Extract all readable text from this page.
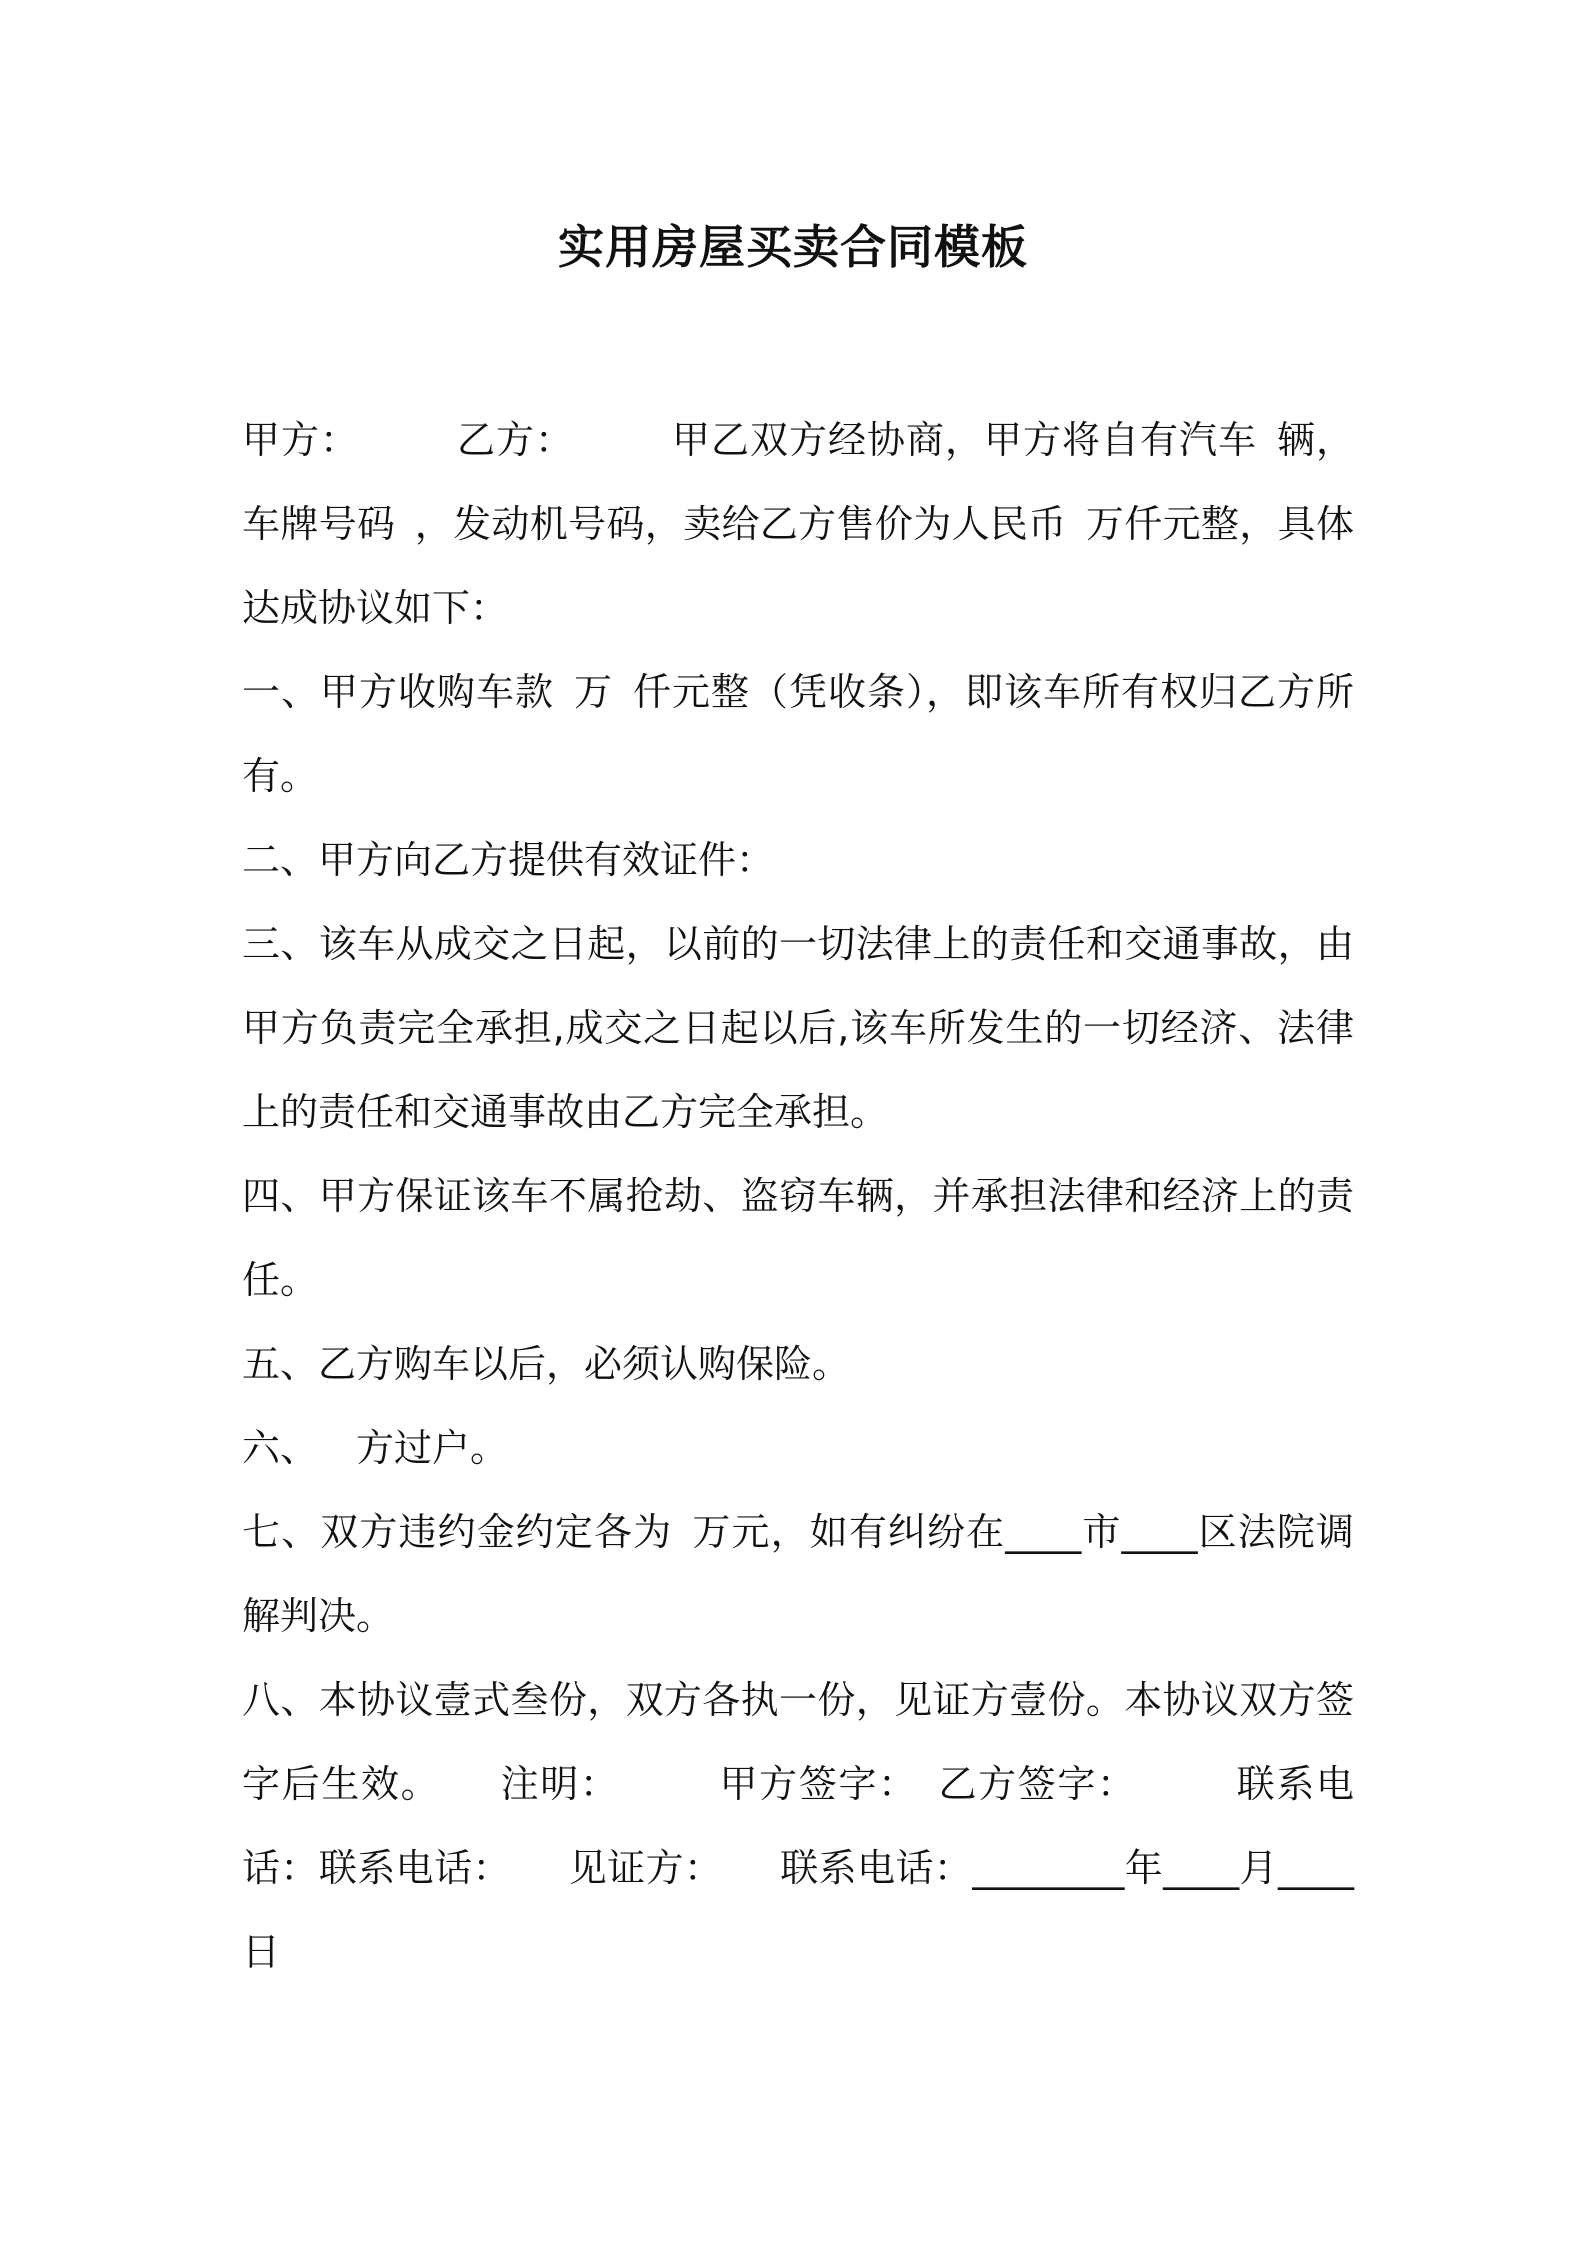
实用房屋买卖合同模板

甲方：　　　乙方：　　　甲乙双方经协商，甲方将自有汽车 辆，车牌号码 ，发动机号码，卖给乙方售价为人民币 万仟元整，具体达成协议如下：

一、甲方收购车款 万 仟元整（凭收条），即该车所有权归乙方所有。

二、甲方向乙方提供有效证件：

三、该车从成交之日起，以前的一切法律上的责任和交通事故，由甲方负责完全承担,成交之日起以后,该车所发生的一切经济、法律上的责任和交通事故由乙方完全承担。

四、甲方保证该车不属抢劫、盗窃车辆，并承担法律和经济上的责任。

五、乙方购车以后，必须认购保险。

六、  方过户。

七、双方违约金约定各为 万元，如有纠纷在____市____区法院调解判决。

八、本协议壹式叁份，双方各执一份，见证方壹份。本协议双方签字后生效。　　注明：　　　甲方签字： 乙方签字：　　　联系电话：联系电话：　　见证方：　　联系电话：________年____月____日
